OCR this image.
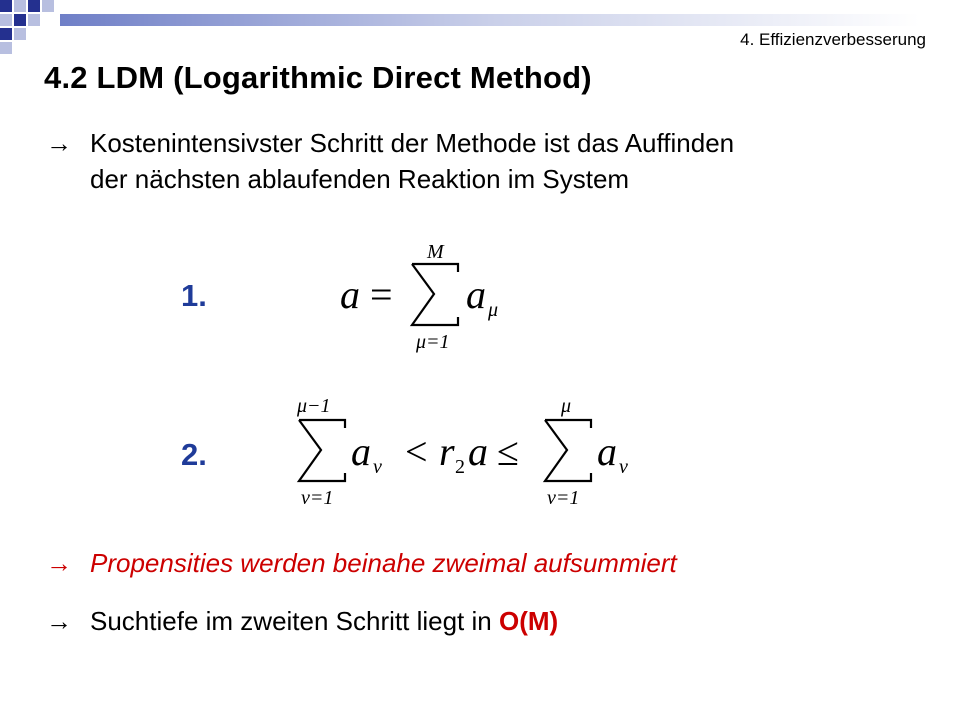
4. Effizienzverbesserung
4.2 LDM (Logarithmic Direct Method)
→ Kostenintensivster Schritt der Methode ist das Auffinden
der nächsten ablaufenden Reaktion im System
1.
2.
a =
M
μ=1
a μ
μ−1
ν=1
a ν < r 2 a ≤
μ
ν=1
a ν
→ Propensities werden beinahe zweimal aufsummiert
→ Suchtiefe im zweiten Schritt liegt in O(M)
